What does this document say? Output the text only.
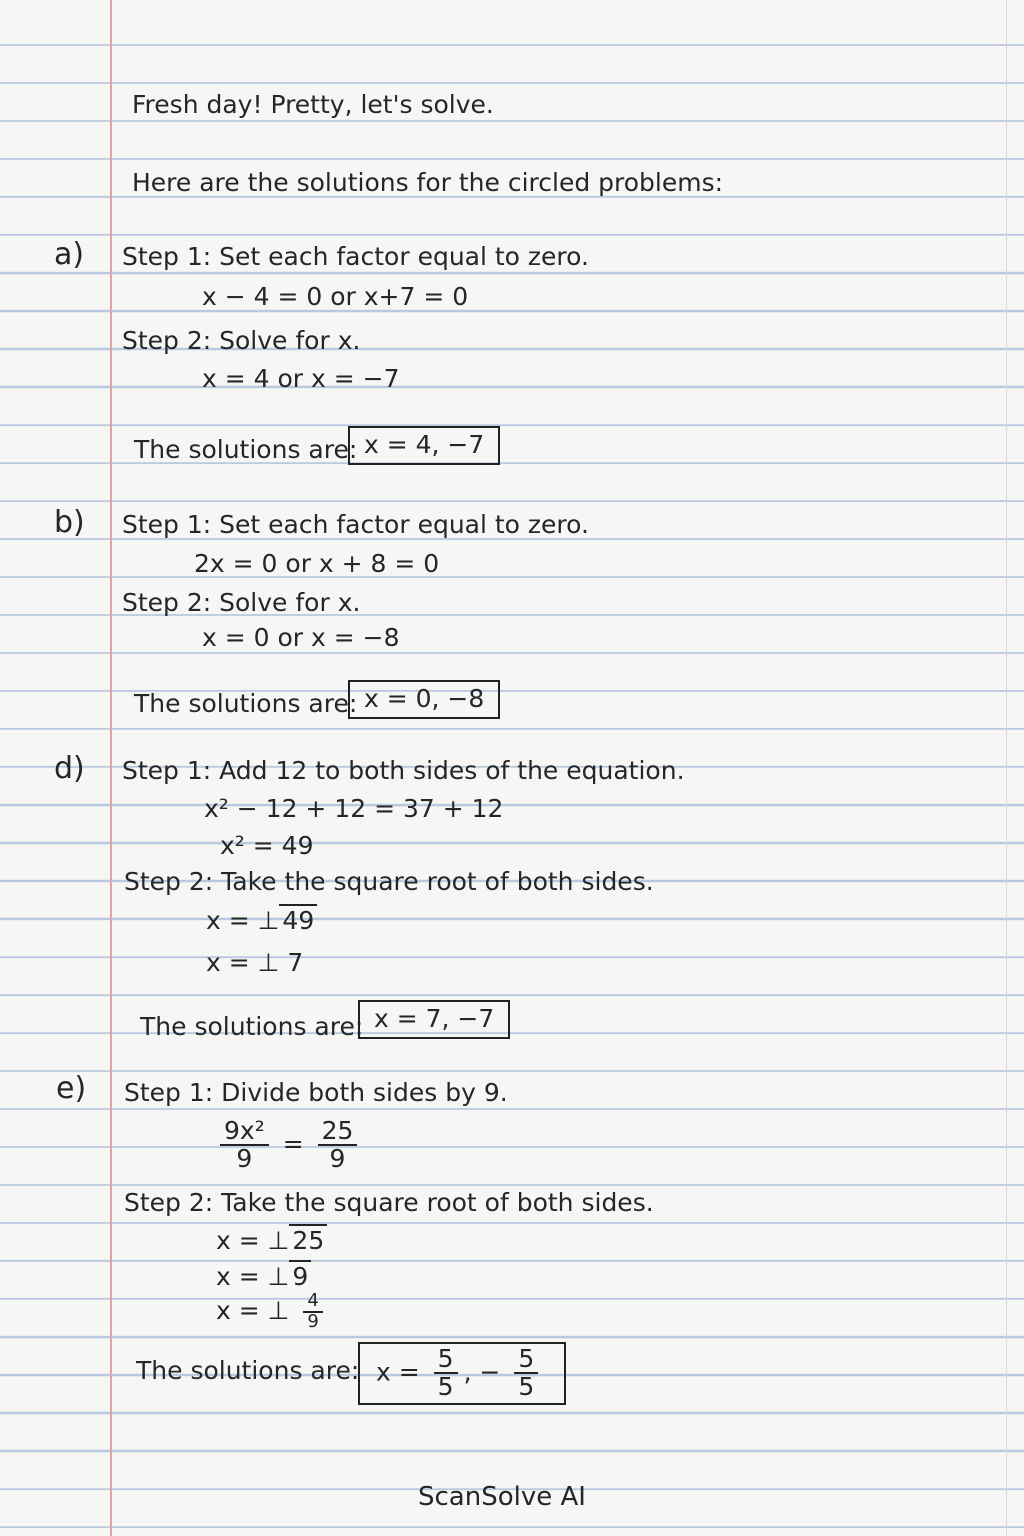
Fresh day! Pretty, let's solve.
Here are the solutions for the circled problems:
a) Step 1: Set each factor equal to zero.
x − 4 = 0 or x+7 = 0
Step 2: Solve for x.
x = 4 or x = −7
The solutions are: x = 4, −7
b) Step 1: Set each factor equal to zero.
2x = 0 or x + 8 = 0
Step 2: Solve for x.
x = 0 or x = −8
The solutions are: x = 0, −8
d) Step 1: Add 12 to both sides of the equation.
x² − 12 + 12 = 37 + 12
x² = 49
Step 2: Take the square root of both sides.
x = ⊥ 49
x = ⊥ 7
The solutions are: x = 7, −7
e) Step 1: Divide both sides by 9.
$\frac{\text{9x²}}{9} = \frac{25}{9}$
Step 2: Take the square root of both sides.
x = ⊥ 25
x = ⊥ 9
x = ⊥ $\frac{4}{9}$
The solutions are: $x = \frac{5}{5}$ , − $\frac{5}{5}$
ScanSolve AI
